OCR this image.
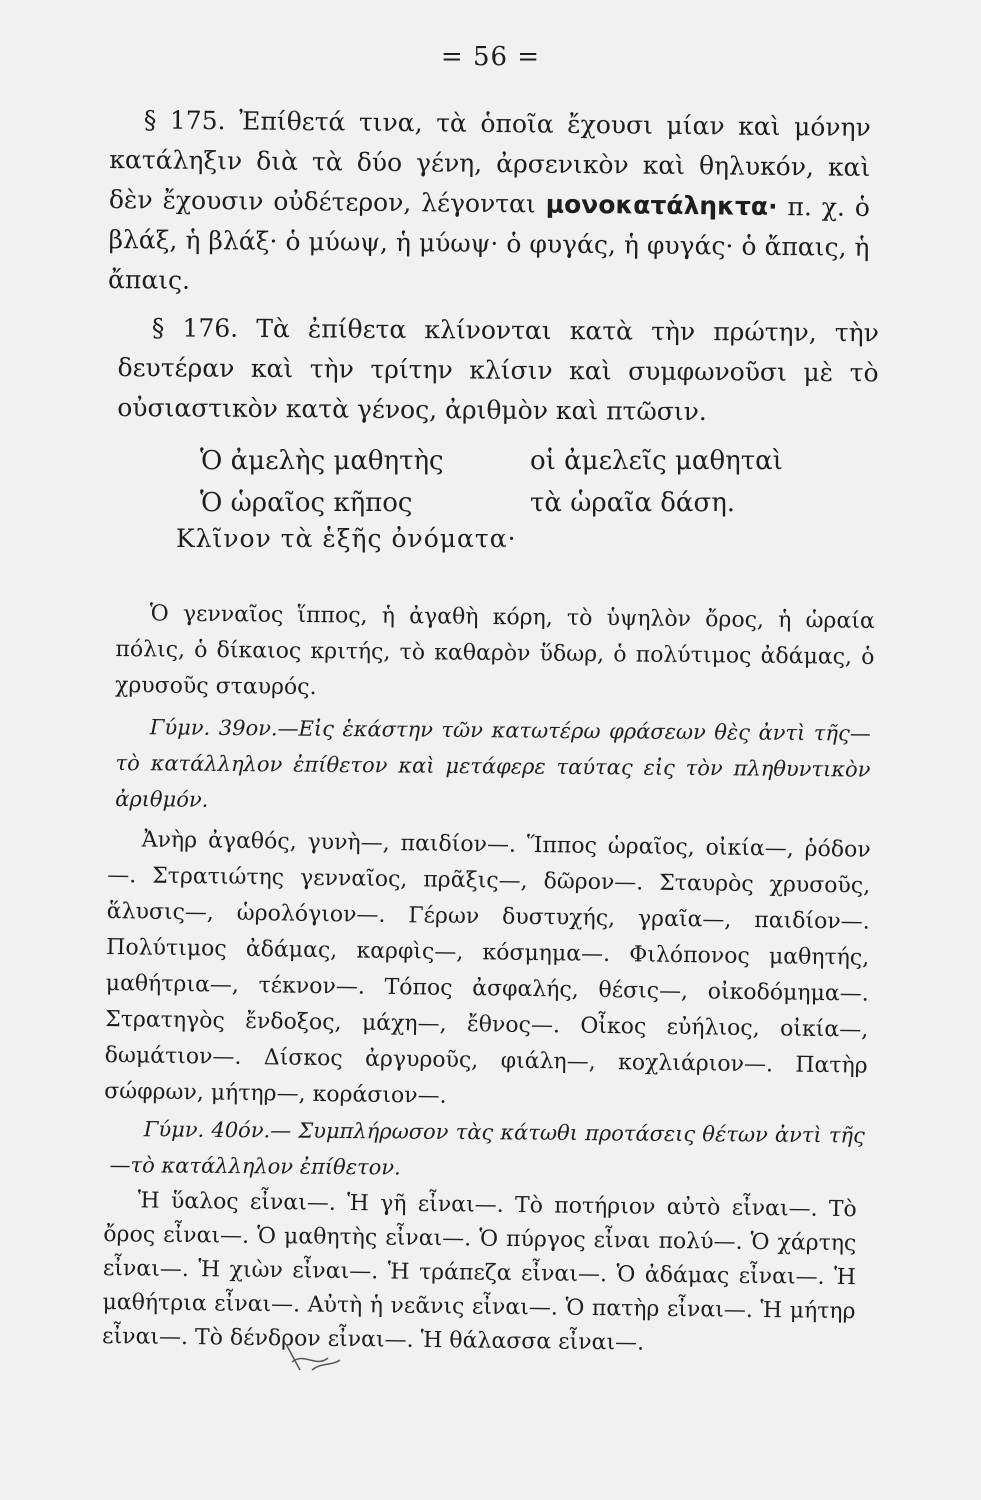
= 56 =

§ 175. Ἐπίθετά τινα, τὰ ὁποῖα ἔχουσι μίαν καὶ μόνην κατάληξιν διὰ τὰ δύο γένη, ἀρσενικὸν καὶ θηλυκόν, καὶ δὲν ἔχουσιν οὐδέτερον, λέγονται μονοκατάληκτα· π. χ. ὁ βλάξ, ἡ βλάξ· ὁ μύωψ, ἡ μύωψ· ὁ φυγάς, ἡ φυγάς· ὁ ἄπαις, ἡ ἄπαις.

§ 176. Τὰ ἐπίθετα κλίνονται κατὰ τὴν πρώτην, τὴν δευτέραν καὶ τὴν τρίτην κλίσιν καὶ συμφωνοῦσι μὲ τὸ οὐσιαστικὸν κατὰ γένος, ἀριθμὸν καὶ πτῶσιν.

Ὁ ἀμελὴς μαθητὴς	οἱ ἀμελεῖς μαθηταὶ
Ὁ ὡραῖος κῆπος	τὰ ὡραῖα δάση.
Κλῖνον τὰ ἑξῆς ὀνόματα·

Ὁ γενναῖος ἵππος, ἡ ἀγαθὴ κόρη, τὸ ὑψηλὸν ὄρος, ἡ ὡραία πόλις, ὁ δίκαιος κριτής, τὸ καθαρὸν ὕδωρ, ὁ πολύτιμος ἀδάμας, ὁ χρυσοῦς σταυρός.

Γύμν. 39ον.—Εἰς ἑκάστην τῶν κατωτέρω φράσεων θὲς ἀντὶ τῆς—τὸ κατάλληλον ἐπίθετον καὶ μετάφερε ταύτας εἰς τὸν πληθυντικὸν ἀριθμόν.

Ἀνὴρ ἀγαθός, γυνὴ—, παιδίον—. Ἵππος ὡραῖος, οἰκία—, ῥόδον—. Στρατιώτης γενναῖος, πρᾶξις—, δῶρον—. Σταυρὸς χρυσοῦς, ἅλυσις—, ὡρολόγιον—. Γέρων δυστυχής, γραῖα—, παιδίον—. Πολύτιμος ἀδάμας, καρφὶς—, κόσμημα—. Φιλόπονος μαθητής, μαθήτρια—, τέκνον—. Τόπος ἀσφαλής, θέσις—, οἰκοδόμημα—. Στρατηγὸς ἔνδοξος, μάχη—, ἔθνος—. Οἶκος εὐήλιος, οἰκία—, δωμάτιον—. Δίσκος ἀργυροῦς, φιάλη—, κοχλιάριον—. Πατὴρ σώφρων, μήτηρ—, κοράσιον—.

Γύμν. 40όν.— Συμπλήρωσον τὰς κάτωθι προτάσεις θέτων ἀντὶ τῆς—τὸ κατάλληλον ἐπίθετον.

Ἡ ὕαλος εἶναι—. Ἡ γῆ εἶναι—. Τὸ ποτήριον αὐτὸ εἶναι—. Τὸ ὄρος εἶναι—. Ὁ μαθητὴς εἶναι—. Ὁ πύργος εἶναι πολύ—. Ὁ χάρτης εἶναι—. Ἡ χιὼν εἶναι—. Ἡ τράπεζα εἶναι—. Ὁ ἀδάμας εἶναι—. Ἡ μαθήτρια εἶναι—. Αὐτὴ ἡ νεᾶνις εἶναι—. Ὁ πατὴρ εἶναι—. Ἡ μήτηρ εἶναι—. Τὸ δένδρον εἶναι—. Ἡ θάλασσα εἶναι—.
